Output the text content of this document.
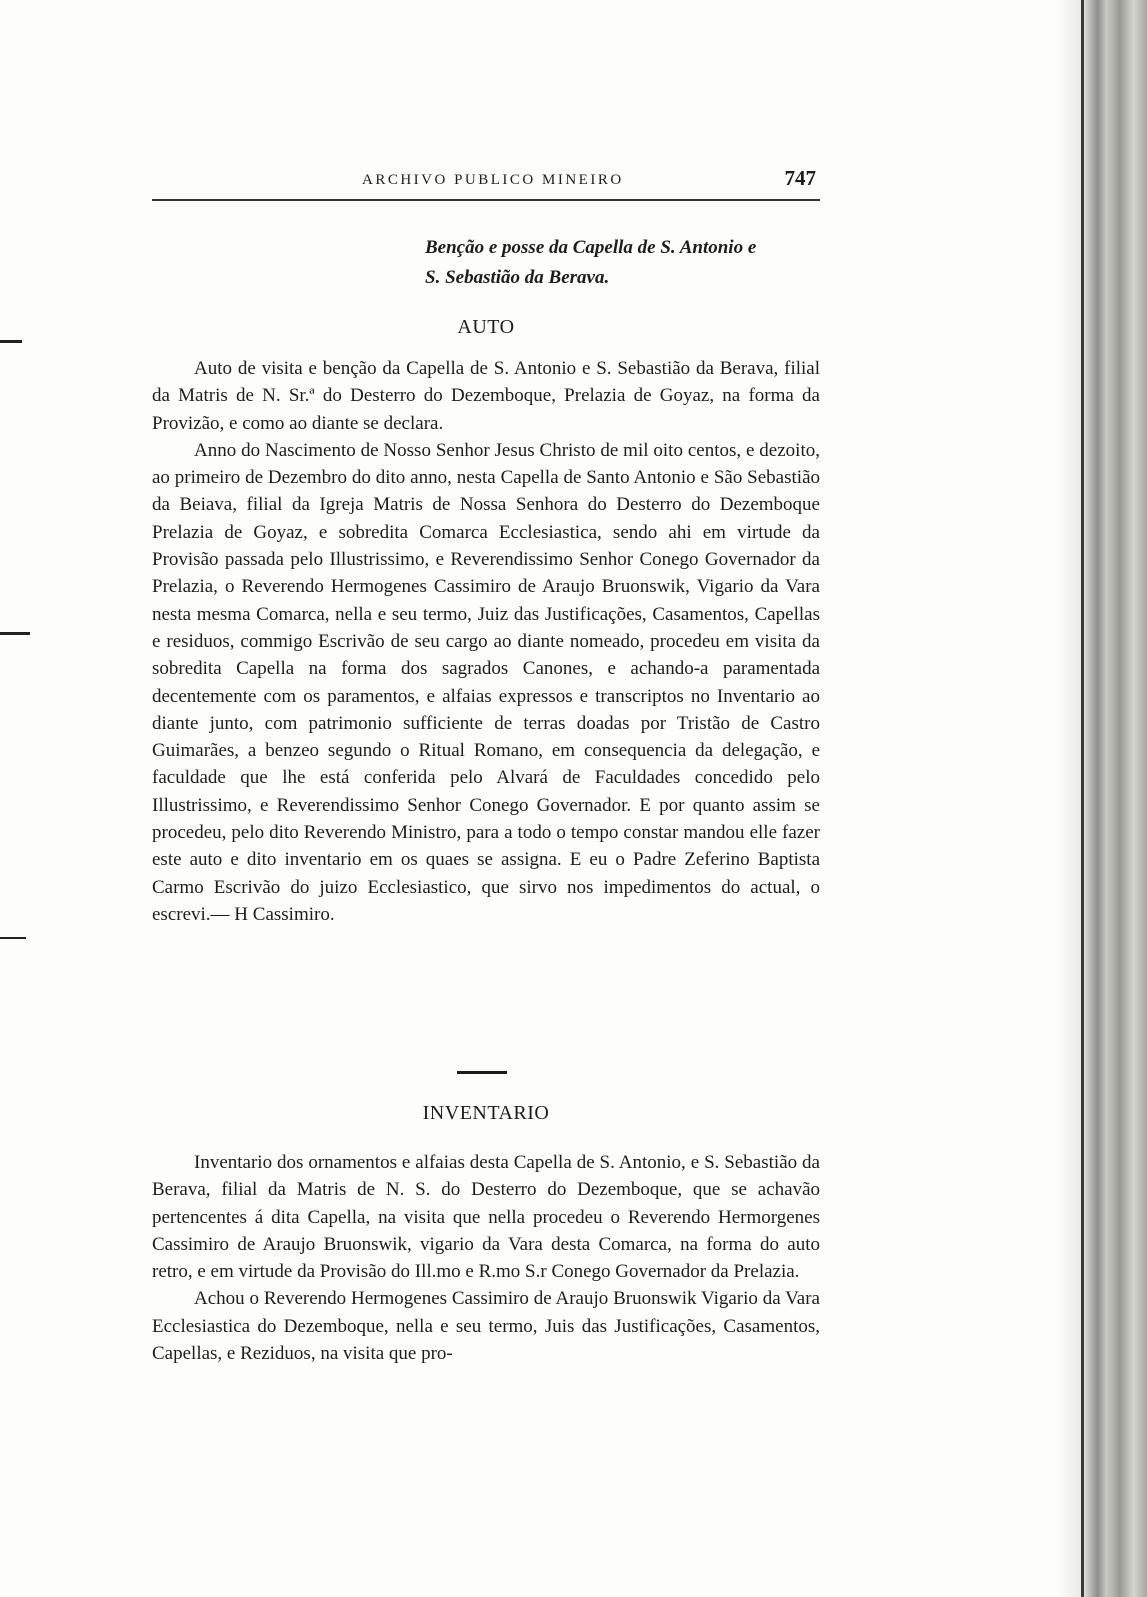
ARCHIVO PUBLICO MINEIRO	747
Benção e posse da Capella de S. Antonio e
S. Sebastião da Berava.
AUTO

Auto de visita e benção da Capella de S. Antonio e S. Sebastião da Berava, filial da Matris de N. Sr.ª do Desterro do Dezemboque, Prelazia de Goyaz, na forma da Provizão, e como ao diante se declara.

Anno do Nascimento de Nosso Senhor Jesus Christo de mil oito centos, e dezoito, ao primeiro de Dezembro do dito anno, nesta Capella de Santo Antonio e São Sebastião da Beiava, filial da Igreja Matris de Nossa Senhora do Desterro do Dezemboque Prelazia de Goyaz, e sobredita Comarca Ecclesiastica, sendo ahi em virtude da Provisão passada pelo Illustrissimo, e Reverendissimo Senhor Conego Governador da Prelazia, o Reverendo Hermogenes Cassimiro de Araujo Bruonswik, Vigario da Vara nesta mesma Comarca, nella e seu termo, Juiz das Justificações, Casamentos, Capellas e residuos, commigo Escrivão de seu cargo ao diante nomeado, procedeu em visita da sobredita Capella na forma dos sagrados Canones, e achando-a paramentada decentemente com os paramentos, e alfaias expressos e transcriptos no Inventario ao diante junto, com patrimonio sufficiente de terras doadas por Tristão de Castro Guimarães, a benzeo segundo o Ritual Romano, em consequencia da delegação, e faculdade que lhe está conferida pelo Alvará de Faculdades concedido pelo Illustrissimo, e Reverendissimo Senhor Conego Governador. E por quanto assim se procedeu, pelo dito Reverendo Ministro, para a todo o tempo constar mandou elle fazer este auto e dito inventario em os quaes se assigna. E eu o Padre Zeferino Baptista Carmo Escrivão do juizo Ecclesiastico, que sirvo nos impedimentos do actual, o escrevi.— H Cassimiro.

INVENTARIO

Inventario dos ornamentos e alfaias desta Capella de S. Antonio, e S. Sebastião da Berava, filial da Matris de N. S. do Desterro do Dezemboque, que se achavão pertencentes á dita Capella, na visita que nella procedeu o Reverendo Hermorgenes Cassimiro de Araujo Bruonswik, vigario da Vara desta Comarca, na forma do auto retro, e em virtude da Provisão do Ill.mo e R.mo S.r Conego Governador da Prelazia.

Achou o Reverendo Hermogenes Cassimiro de Araujo Bruonswik Vigario da Vara Ecclesiastica do Dezemboque, nella e seu termo, Juis das Justificações, Casamentos, Capellas, e Reziduos, na visita que pro-
